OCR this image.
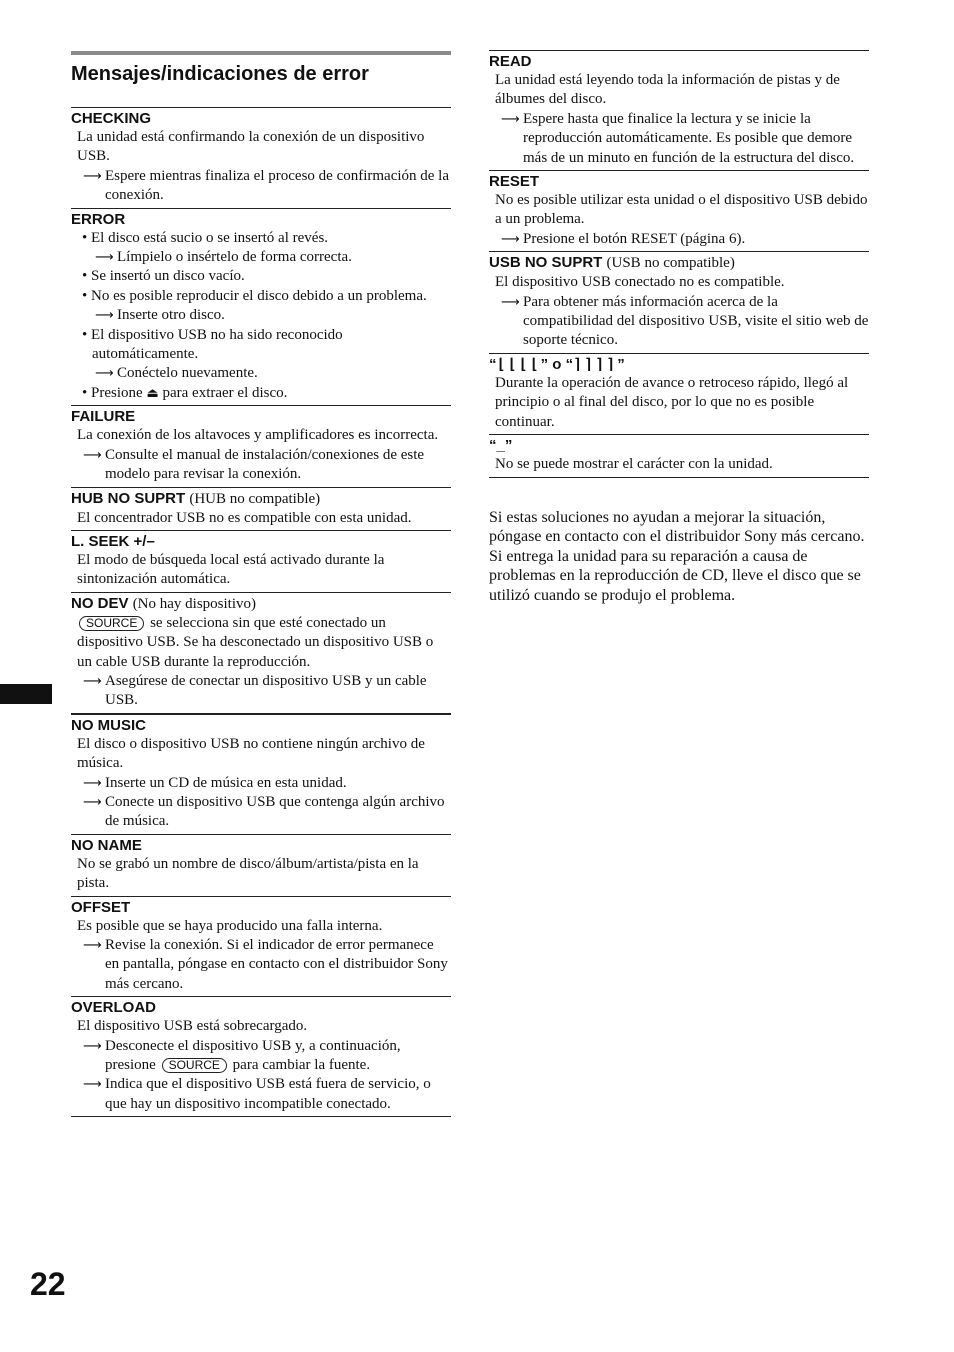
Mensajes/indicaciones de error
CHECKING
La unidad está confirmando la conexión de un dispositivo USB.
⟶ Espere mientras finaliza el proceso de confirmación de la conexión.
ERROR
• El disco está sucio o se insertó al revés.
⟶ Límpielo o insértelo de forma correcta.
• Se insertó un disco vacío.
• No es posible reproducir el disco debido a un problema.
⟶ Inserte otro disco.
• El dispositivo USB no ha sido reconocido automáticamente.
⟶ Conéctelo nuevamente.
• Presione ⏏ para extraer el disco.
FAILURE
La conexión de los altavoces y amplificadores es incorrecta.
⟶ Consulte el manual de instalación/conexiones de este modelo para revisar la conexión.
HUB NO SUPRT (HUB no compatible)
El concentrador USB no es compatible con esta unidad.
L. SEEK +/–
El modo de búsqueda local está activado durante la sintonización automática.
NO DEV (No hay dispositivo)
SOURCE se selecciona sin que esté conectado un dispositivo USB. Se ha desconectado un dispositivo USB o un cable USB durante la reproducción.
⟶ Asegúrese de conectar un dispositivo USB y un cable USB.
NO MUSIC
El disco o dispositivo USB no contiene ningún archivo de música.
⟶ Inserte un CD de música en esta unidad.
⟶ Conecte un dispositivo USB que contenga algún archivo de música.
NO NAME
No se grabó un nombre de disco/álbum/artista/pista en la pista.
OFFSET
Es posible que se haya producido una falla interna.
⟶ Revise la conexión. Si el indicador de error permanece en pantalla, póngase en contacto con el distribuidor Sony más cercano.
OVERLOAD
El dispositivo USB está sobrecargado.
⟶ Desconecte el dispositivo USB y, a continuación, presione SOURCE para cambiar la fuente.
⟶ Indica que el dispositivo USB está fuera de servicio, o que hay un dispositivo incompatible conectado.
READ
La unidad está leyendo toda la información de pistas y de álbumes del disco.
⟶ Espere hasta que finalice la lectura y se inicie la reproducción automáticamente. Es posible que demore más de un minuto en función de la estructura del disco.
RESET
No es posible utilizar esta unidad o el dispositivo USB debido a un problema.
⟶ Presione el botón RESET (página 6).
USB NO SUPRT (USB no compatible)
El dispositivo USB conectado no es compatible.
⟶ Para obtener más información acerca de la compatibilidad del dispositivo USB, visite el sitio web de soporte técnico.
“⌊⌊⌊⌊” o “⌉⌉⌉⌉”
Durante la operación de avance o retroceso rápido, llegó al principio o al final del disco, por lo que no es posible continuar.
“_”
No se puede mostrar el carácter con la unidad.

Si estas soluciones no ayudan a mejorar la situación, póngase en contacto con el distribuidor Sony más cercano.

Si entrega la unidad para su reparación a causa de problemas en la reproducción de CD, lleve el disco que se utilizó cuando se produjo el problema.

22
